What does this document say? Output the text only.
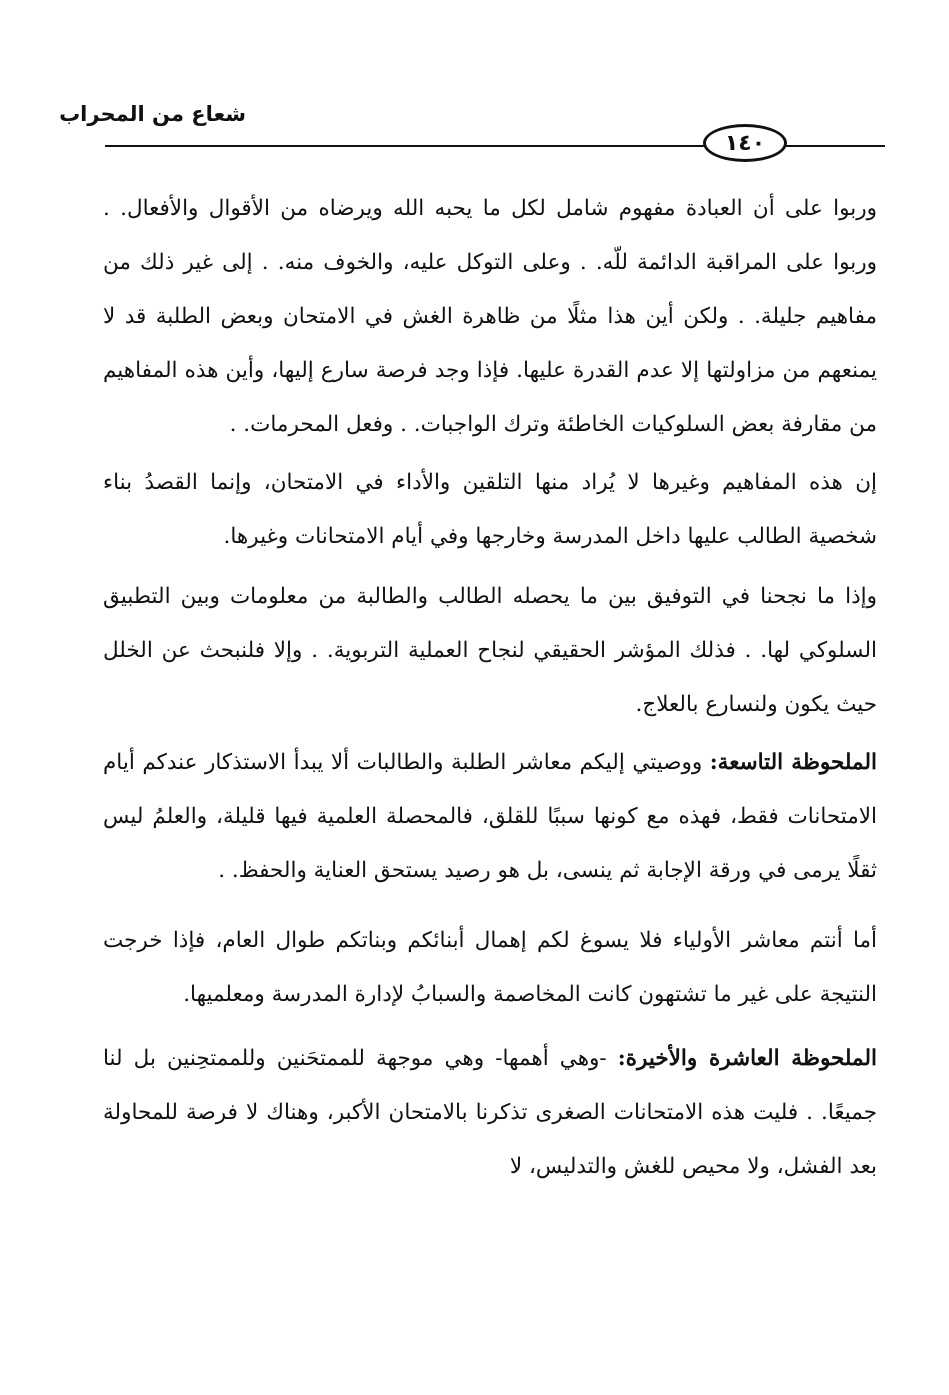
شعاع من المحراب
١٤٠

وربوا على أن العبادة مفهوم شامل لكل ما يحبه الله ويرضاه من الأقوال والأفعال. . وربوا على المراقبة الدائمة للّه. . وعلى التوكل عليه، والخوف منه. . إلى غير ذلك من مفاهيم جليلة. . ولكن أين هذا مثلًا من ظاهرة الغش في الامتحان وبعض الطلبة قد لا يمنعهم من مزاولتها إلا عدم القدرة عليها. فإذا وجد فرصة سارع إليها، وأين هذه المفاهيم من مقارفة بعض السلوكيات الخاطئة وترك الواجبات. . وفعل المحرمات. .

إن هذه المفاهيم وغيرها لا يُراد منها التلقين والأداء في الامتحان، وإنما القصدُ بناء شخصية الطالب عليها داخل المدرسة وخارجها وفي أيام الامتحانات وغيرها.

وإذا ما نجحنا في التوفيق بين ما يحصله الطالب والطالبة من معلومات وبين التطبيق السلوكي لها. . فذلك المؤشر الحقيقي لنجاح العملية التربوية. . وإلا فلنبحث عن الخلل حيث يكون ولنسارع بالعلاج.

الملحوظة التاسعة: ووصيتي إليكم معاشر الطلبة والطالبات ألا يبدأ الاستذكار عندكم أيام الامتحانات فقط، فهذه مع كونها سببًا للقلق، فالمحصلة العلمية فيها قليلة، والعلمُ ليس ثقلًا يرمى في ورقة الإجابة ثم ينسى، بل هو رصيد يستحق العناية والحفظ. .

أما أنتم معاشر الأولياء فلا يسوغ لكم إهمال أبنائكم وبناتكم طوال العام، فإذا خرجت النتيجة على غير ما تشتهون كانت المخاصمة والسبابُ لإدارة المدرسة ومعلميها.

الملحوظة العاشرة والأخيرة: -وهي أهمها- وهي موجهة للممتحَنين وللممتحِنين بل لنا جميعًا. . فليت هذه الامتحانات الصغرى تذكرنا بالامتحان الأكبر، وهناك لا فرصة للمحاولة بعد الفشل، ولا محيص للغش والتدليس، لا
